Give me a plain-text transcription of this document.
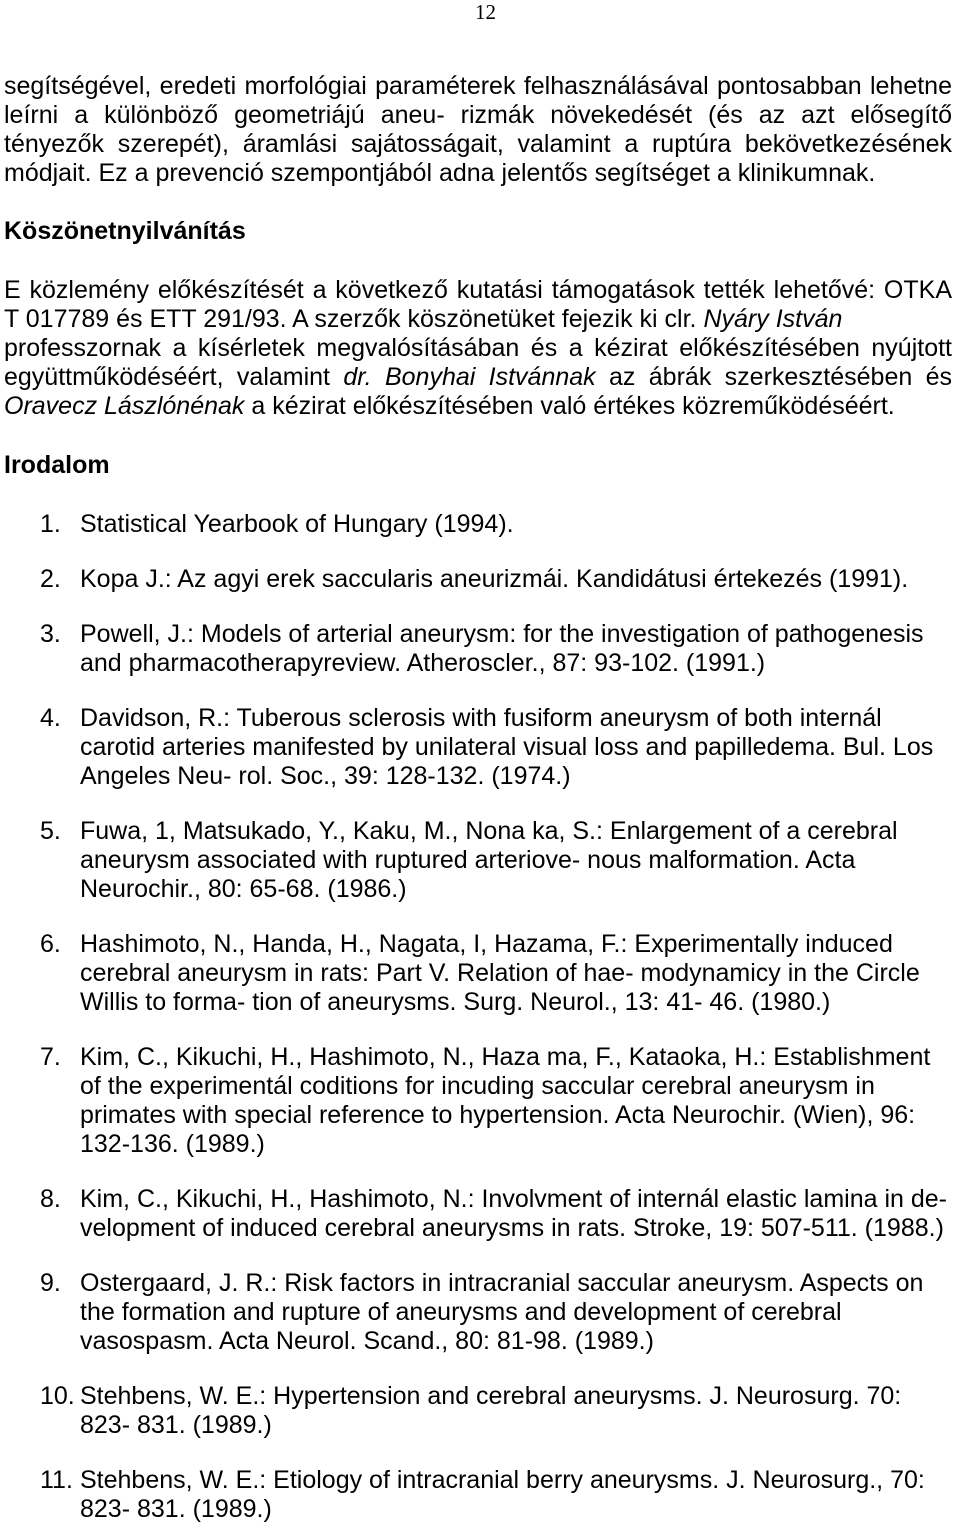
12
segítségével, eredeti morfológiai paraméterek felhasználásával pontosabban lehetne
leírni a különböző geometriájú aneu- rizmák növekedését (és az azt elősegítő
tényezők szerepét), áramlási sajátosságait, valamint a ruptúra bekövetkezésének
módjait. Ez a prevenció szempontjából adna jelentős segítséget a klinikumnak.
Köszönetnyilvánítás
E közlemény előkészítését a következő kutatási támogatások tették lehetővé: OTKA
T 017789 és ETT 291/93. A szerzők köszönetüket fejezik ki clr. Nyáry István
professzornak a kísérletek megvalósításában és a kézirat előkészítésében nyújtott
együttműködéséért, valamint dr. Bonyhai Istvánnak az ábrák szerkesztésében és
Oravecz Lászlónénak a kézirat előkészítésében való értékes közreműködéséért.
Irodalom
1. Statistical Yearbook of Hungary (1994).
2. Kopa J.: Az agyi erek saccularis aneurizmái. Kandidátusi értekezés (1991).
3. Powell, J.: Models of arterial aneurysm: for the investigation of pathogenesis
and pharmacotherapyreview. Atheroscler., 87: 93-102. (1991.)
4. Davidson, R.: Tuberous sclerosis with fusiform aneurysm of both internál
carotid arteries manifested by unilateral visual loss and papilledema. Bul. Los
Angeles Neu- rol. Soc., 39: 128-132. (1974.)
5. Fuwa, 1, Matsukado, Y., Kaku, M., Nona ka, S.: Enlargement of a cerebral
aneurysm associated with ruptured arteriove- nous malformation. Acta
Neurochir., 80: 65-68. (1986.)
6. Hashimoto, N., Handa, H., Nagata, I, Hazama, F.: Experimentally induced
cerebral aneurysm in rats: Part V. Relation of hae- modynamicy in the Circle
Willis to forma- tion of aneurysms. Surg. Neurol., 13: 41- 46. (1980.)
7. Kim, C., Kikuchi, H., Hashimoto, N., Haza ma, F., Kataoka, H.: Establishment
of the experimentál coditions for incuding saccular cerebral aneurysm in
primates with special reference to hypertension. Acta Neurochir. (Wien), 96:
132-136. (1989.)
8. Kim, C., Kikuchi, H., Hashimoto, N.: Involvment of internál elastic lamina in de-
velopment of induced cerebral aneurysms in rats. Stroke, 19: 507-511. (1988.)
9. Ostergaard, J. R.: Risk factors in intracranial saccular aneurysm. Aspects on
the formation and rupture of aneurysms and development of cerebral
vasospasm. Acta Neurol. Scand., 80: 81-98. (1989.)
10. Stehbens, W. E.: Hypertension and cerebral aneurysms. J. Neurosurg. 70:
823- 831. (1989.)
11. Stehbens, W. E.: Etiology of intracranial berry aneurysms. J. Neurosurg., 70:
823- 831. (1989.)
